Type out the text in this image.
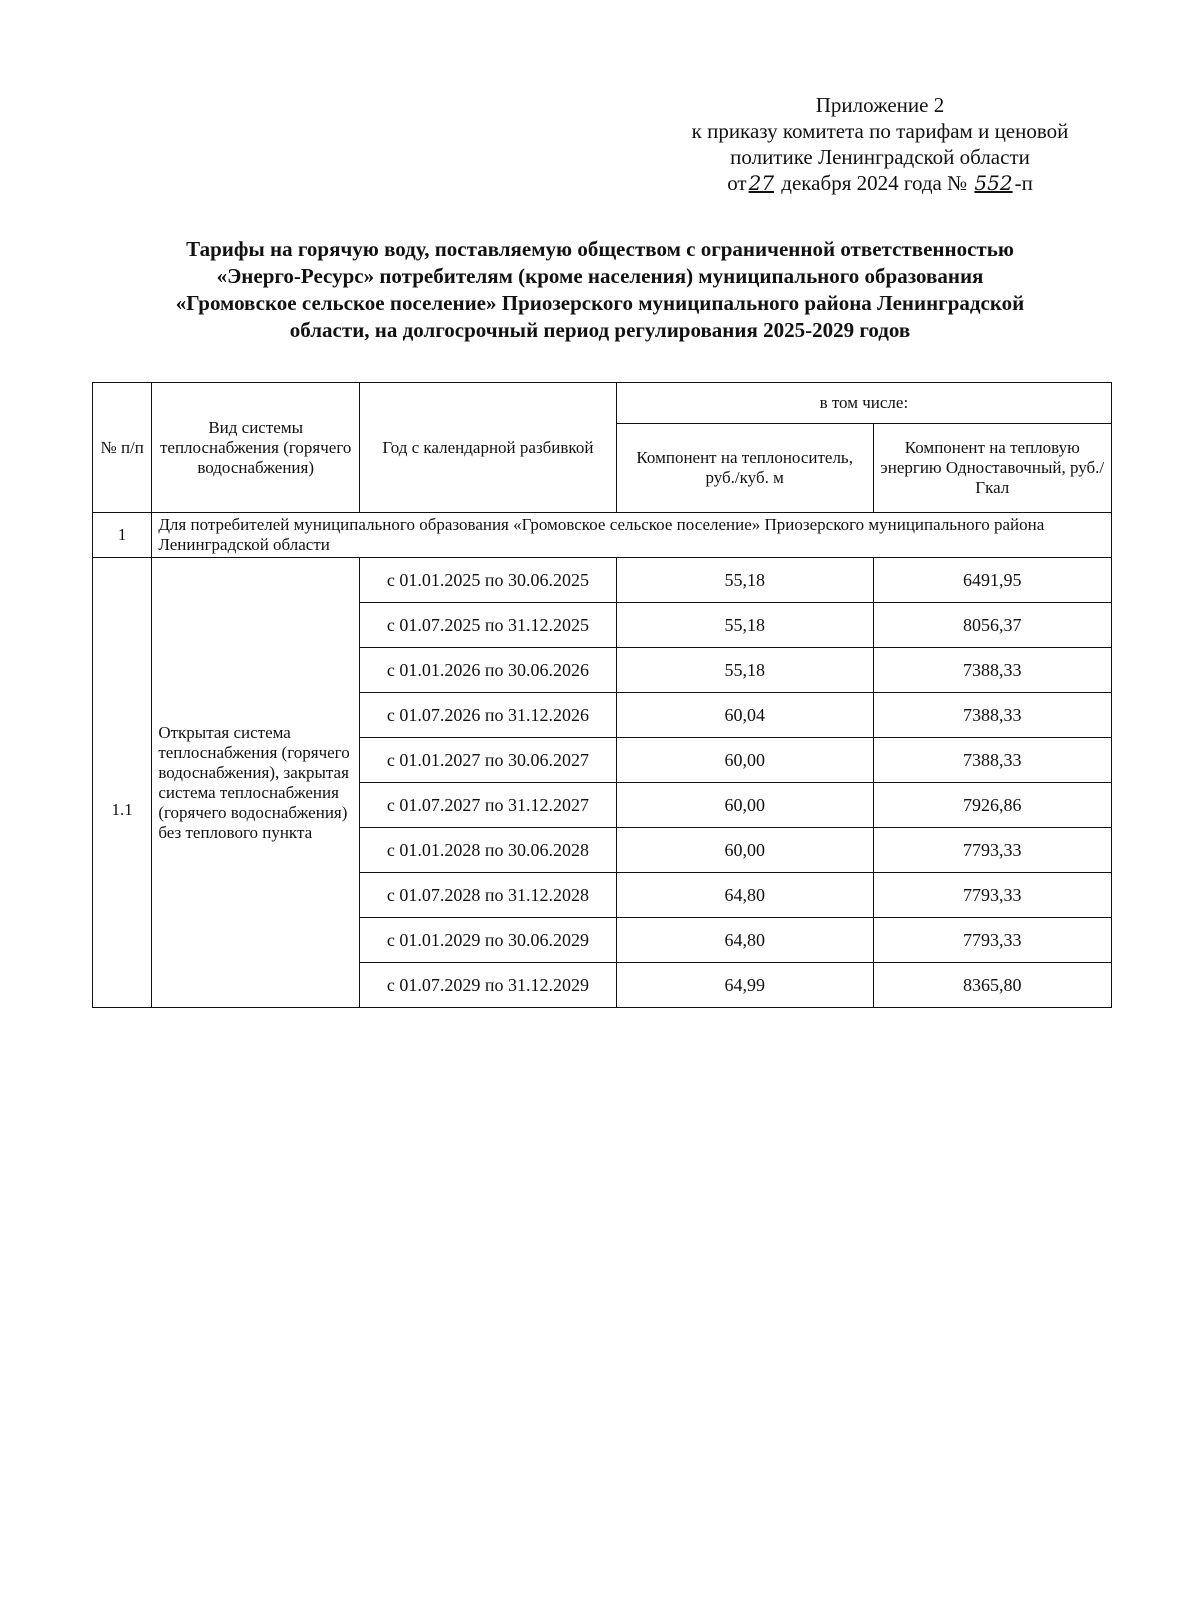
Приложение 2
к приказу комитета по тарифам и ценовой
политике Ленинградской области
от 27 декабря 2024 года № 552-п
Тарифы на горячую воду, поставляемую обществом с ограниченной ответственностью
«Энерго-Ресурс» потребителям (кроме населения) муниципального образования
«Громовское сельское поселение» Приозерского муниципального района Ленинградской
области, на долгосрочный период регулирования 2025-2029 годов
№ п/п	Вид системы теплоснабжения (горячего водоснабжения)	Год с календарной разбивкой	в том числе:	
			Компонент на теплоноситель, руб./куб. м	Компонент на тепловую энергию Одноставочный, руб./Гкал
1	Для потребителей муниципального образования «Громовское сельское поселение» Приозерского муниципального района Ленинградской области			
1.1	Открытая система теплоснабжения (горячего водоснабжения), закрытая система теплоснабжения (горячего водоснабжения) без теплового пункта	с 01.01.2025 по 30.06.2025	55,18	6491,95
		с 01.07.2025 по 31.12.2025	55,18	8056,37
		с 01.01.2026 по 30.06.2026	55,18	7388,33
		с 01.07.2026 по 31.12.2026	60,04	7388,33
		с 01.01.2027 по 30.06.2027	60,00	7388,33
		с 01.07.2027 по 31.12.2027	60,00	7926,86
		с 01.01.2028 по 30.06.2028	60,00	7793,33
		с 01.07.2028 по 31.12.2028	64,80	7793,33
		с 01.01.2029 по 30.06.2029	64,80	7793,33
		с 01.07.2029 по 31.12.2029	64,99	8365,80
